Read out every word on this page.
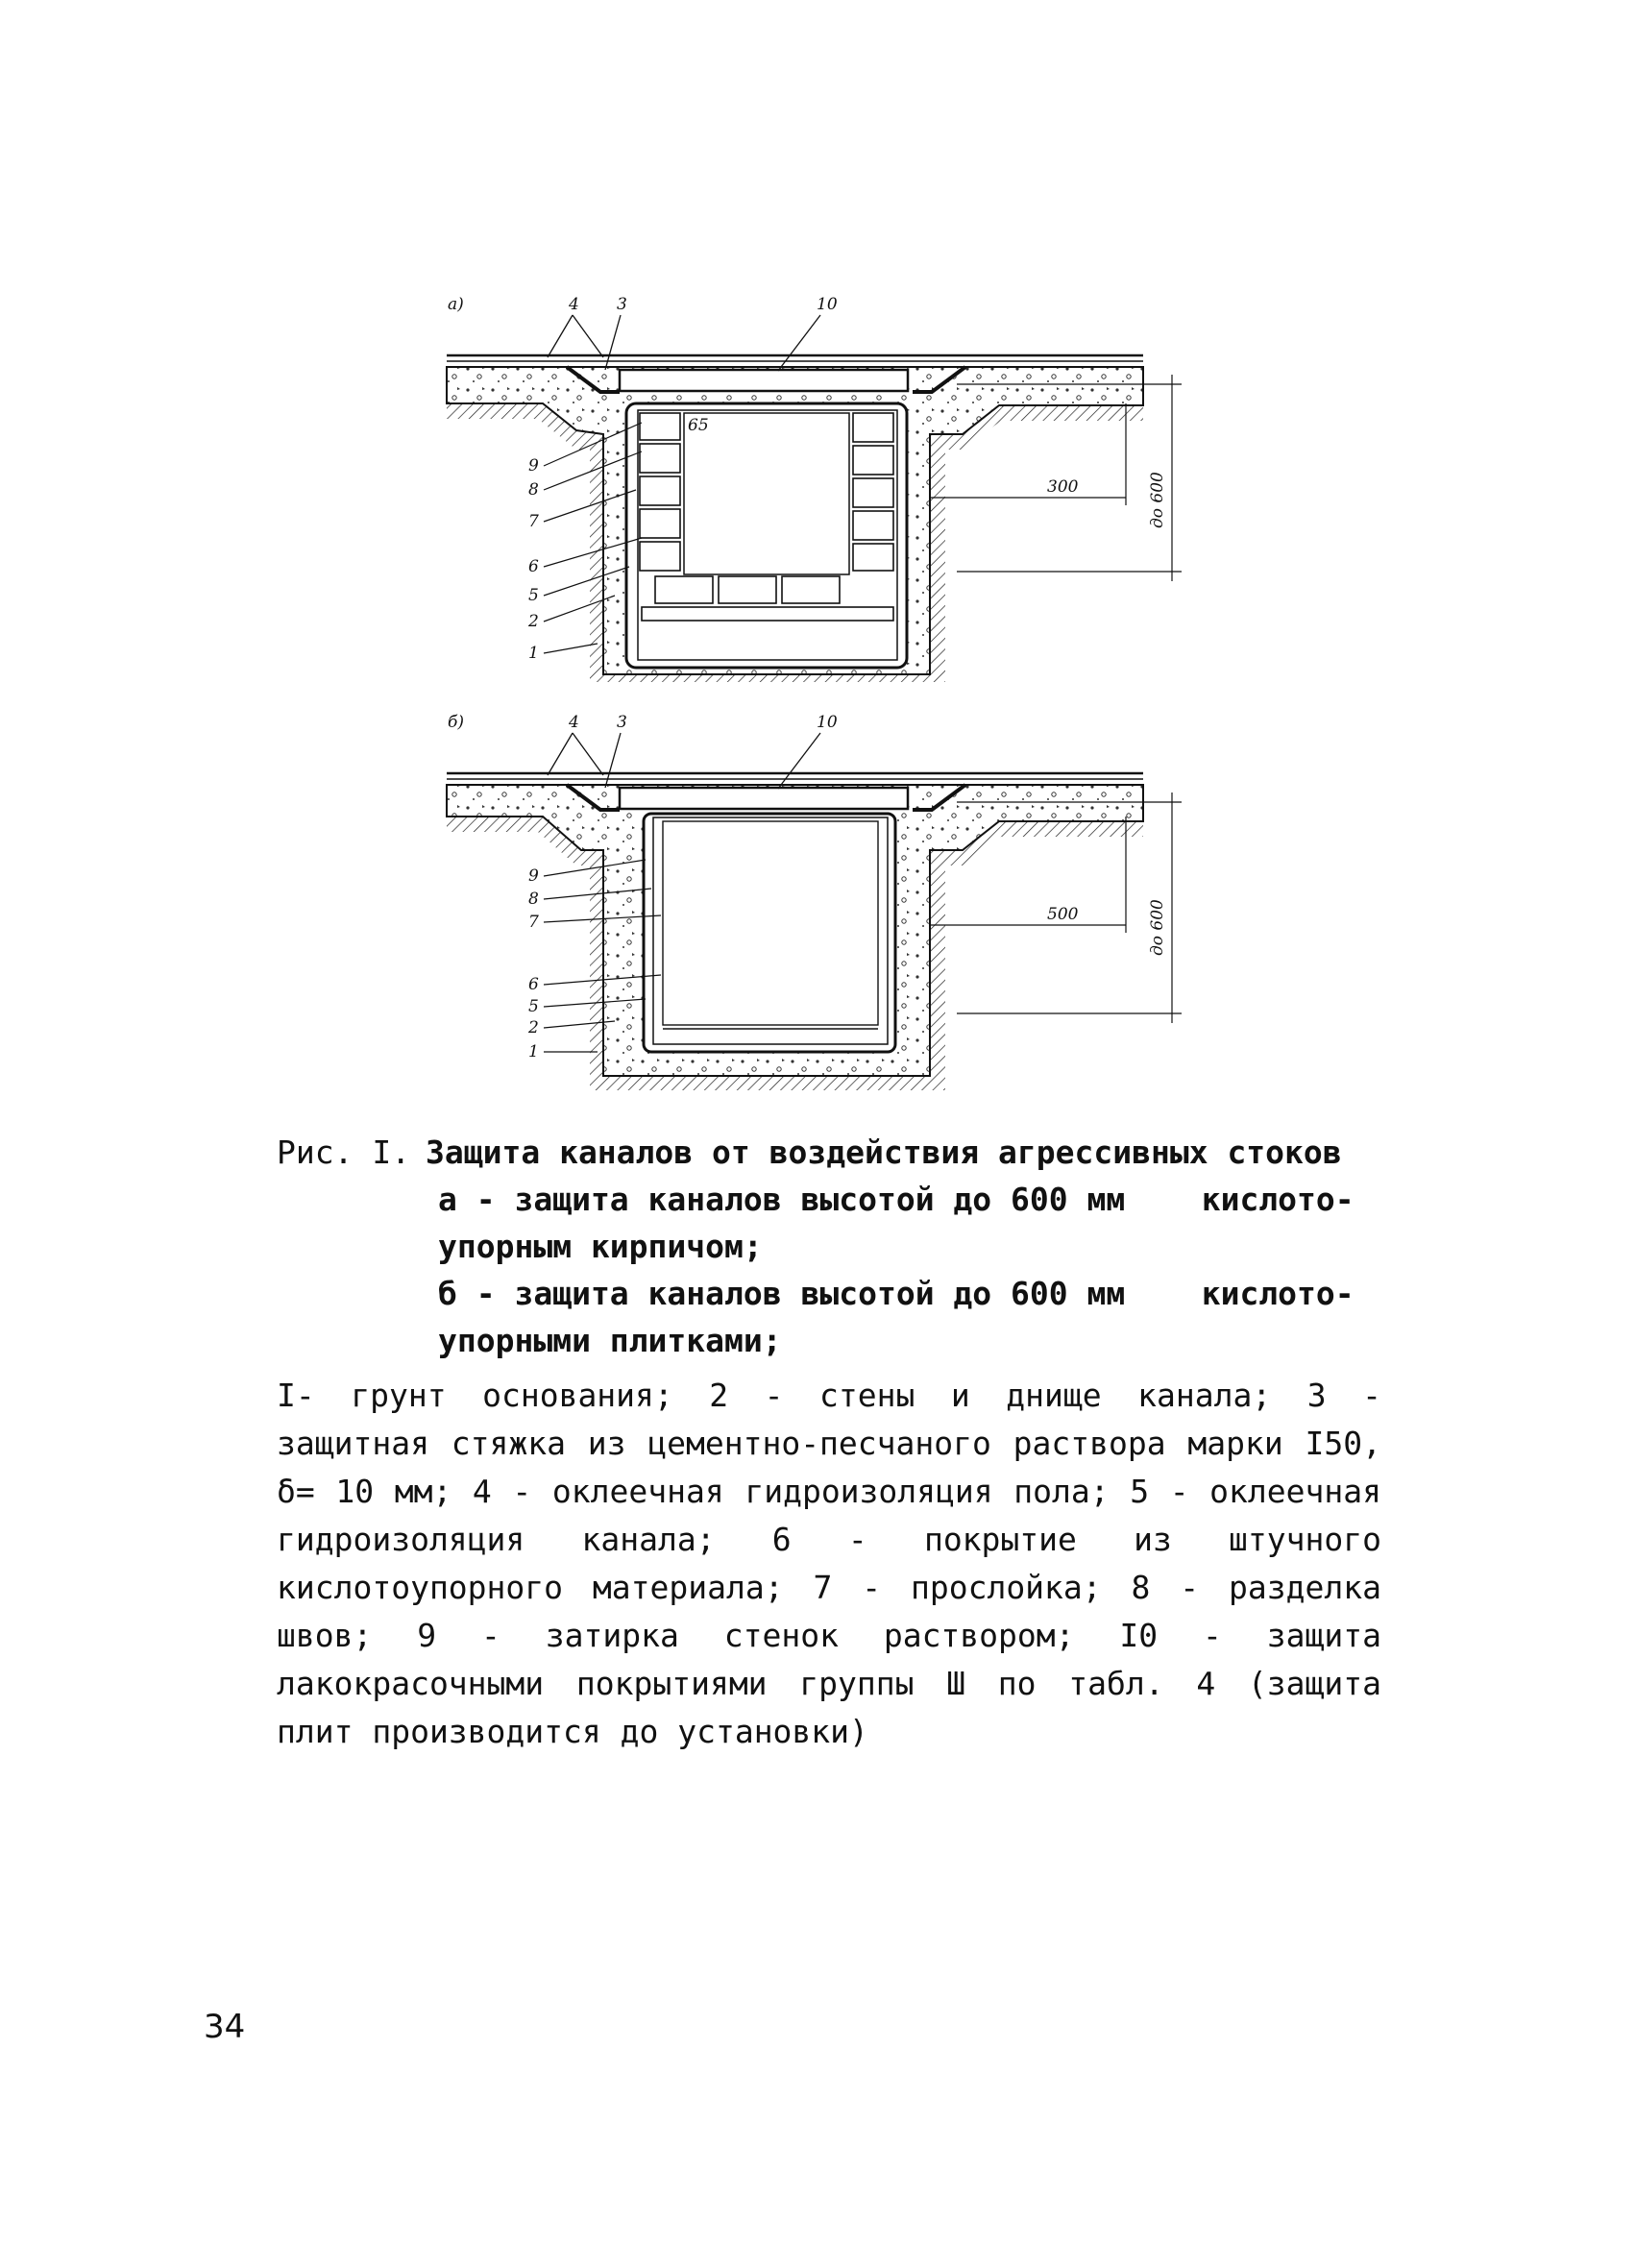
а)	4 3	10
9
8
7
6
5
2
1
65
300	до 600
б)	4 3	10
9
8
7
6
5
2
1
500	до 600
Рис. I. Защита каналов от воздействия агрессивных стоков
а - защита каналов высотой до 600 мм    кислото-
упорным кирпичом;
б - защита каналов высотой до 600 мм    кислото-
упорными плитками;
I- грунт основания; 2 - стены и днище канала; 3 - защитная стяжка из цементно-песчаного раствора марки I50, δ= 10 мм; 4 - оклеечная гидроизоляция пола; 5 - оклеечная гидроизоляция канала; 6 - покрытие из штучного кислотоупорного материала; 7 - прослойка; 8 - разделка швов; 9 - затирка стенок раствором; I0 - защита лакокрасочными покрытиями группы Ш по табл. 4 (защита плит производится до установки)
34
